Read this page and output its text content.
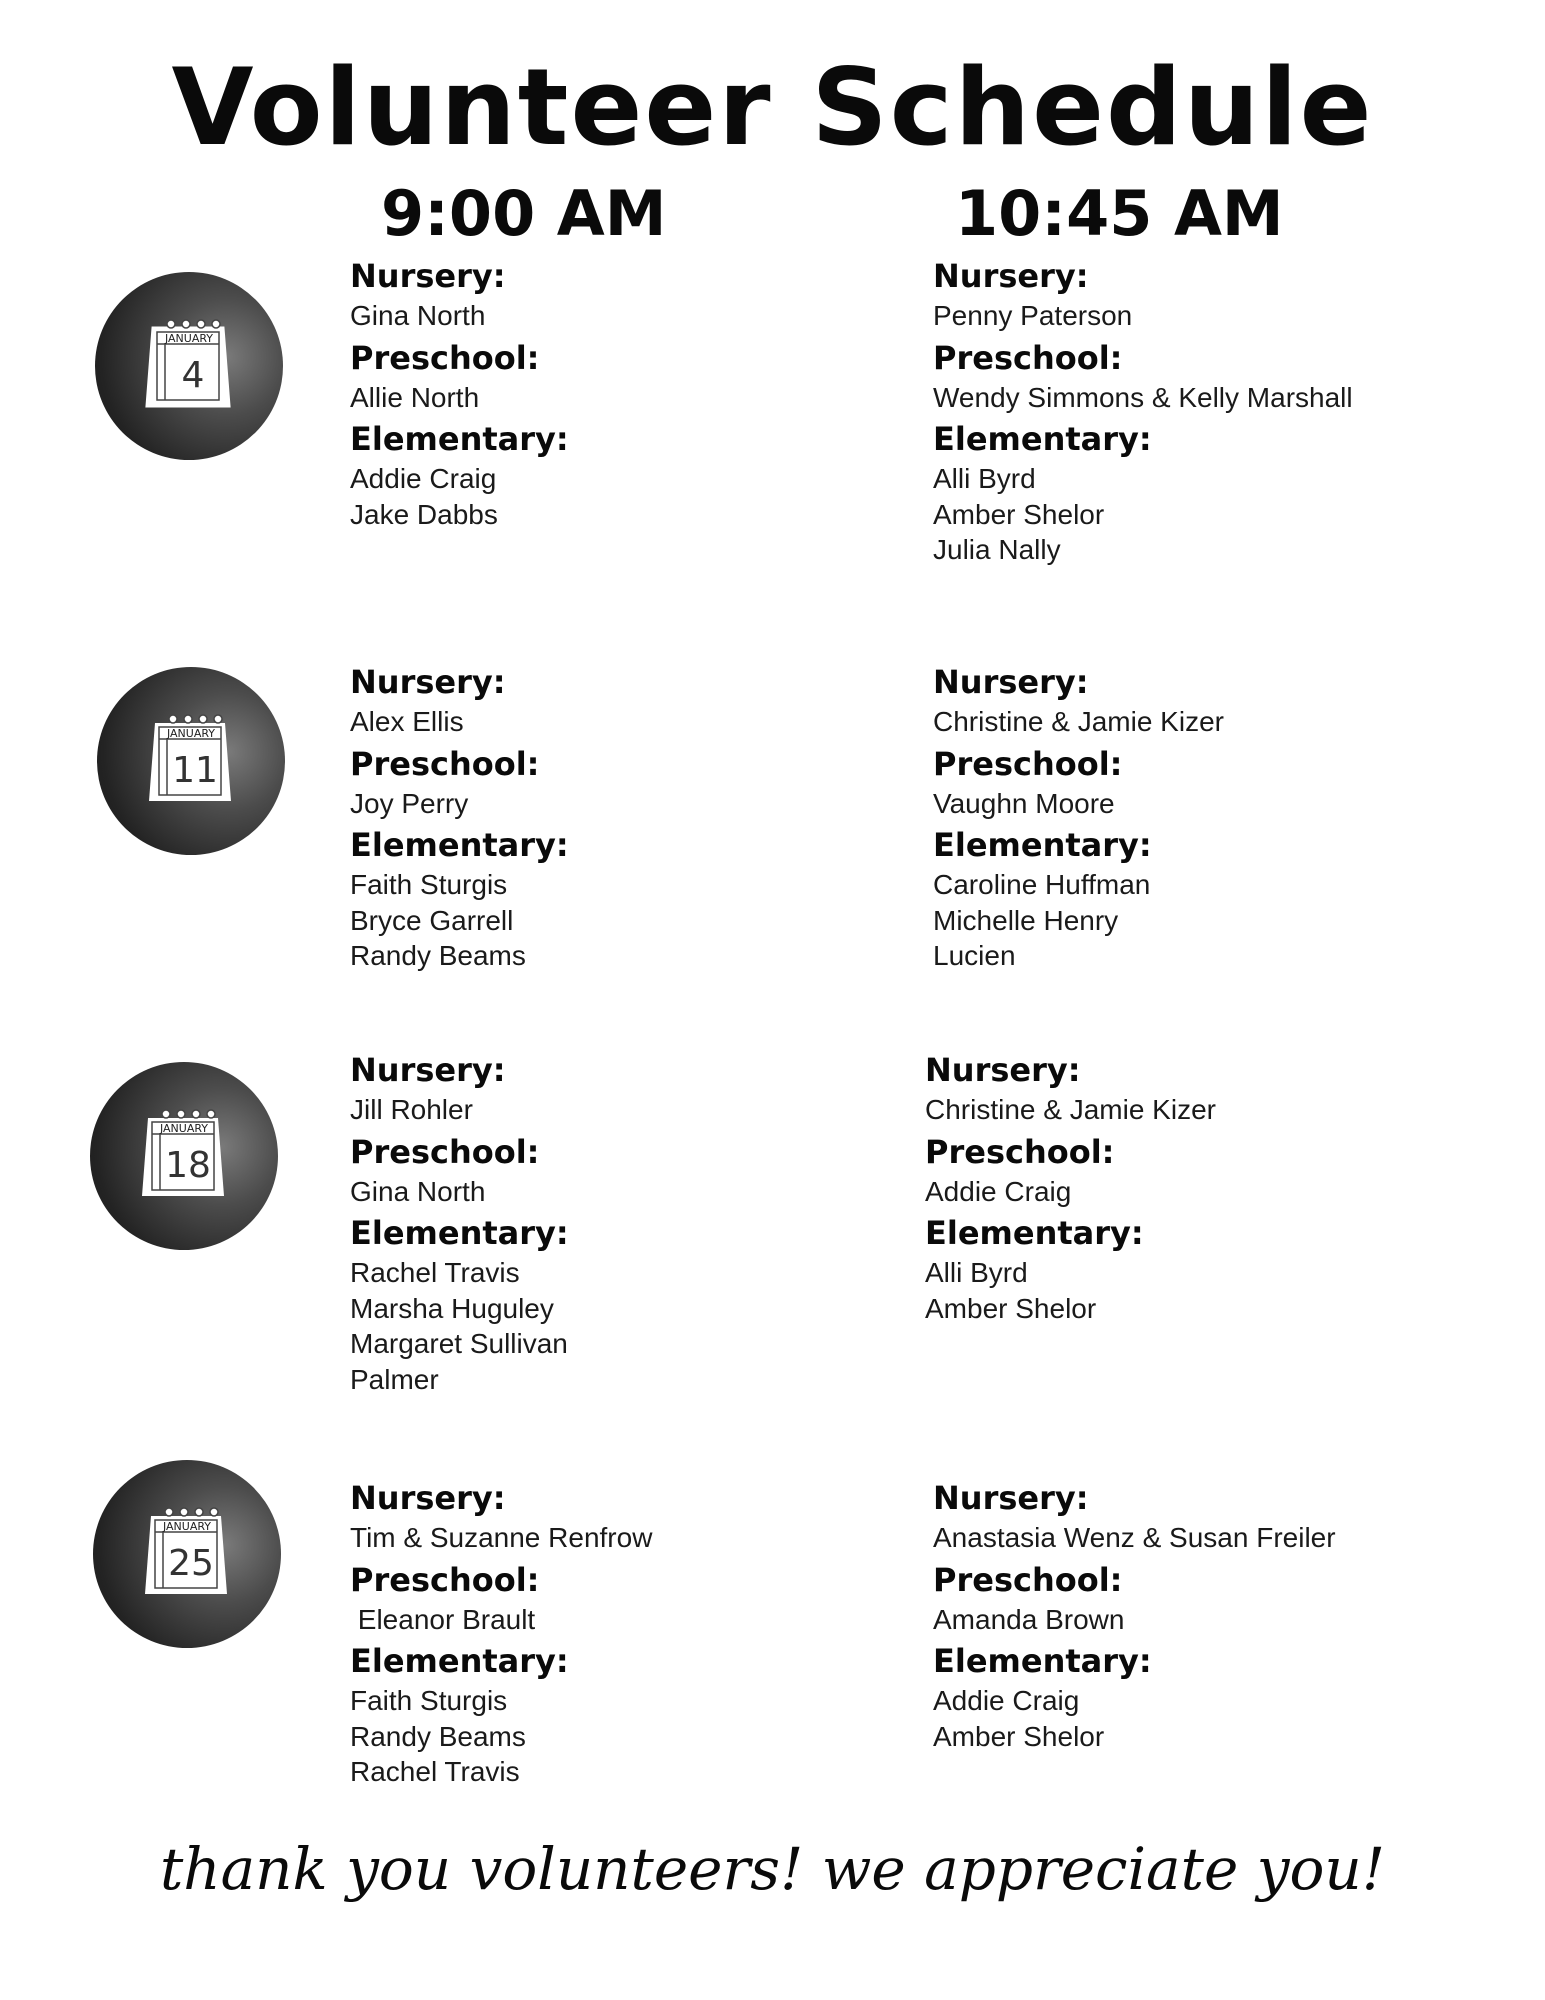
Volunteer Schedule
9:00 AM	10:45 AM
JANUARY
4
Nursery:
Gina North
Preschool:
Allie North
Elementary:
Addie Craig
Jake Dabbs
Nursery:
Penny Paterson
Preschool:
Wendy Simmons & Kelly Marshall
Elementary:
Alli Byrd
Amber Shelor
Julia Nally
JANUARY
11
Nursery:
Alex Ellis
Preschool:
Joy Perry
Elementary:
Faith Sturgis
Bryce Garrell
Randy Beams
Nursery:
Christine & Jamie Kizer
Preschool:
Vaughn Moore
Elementary:
Caroline Huffman
Michelle Henry
Lucien
JANUARY
18
Nursery:
Jill Rohler
Preschool:
Gina North
Elementary:
Rachel Travis
Marsha Huguley
Margaret Sullivan
Palmer
Nursery:
Christine & Jamie Kizer
Preschool:
Addie Craig
Elementary:
Alli Byrd
Amber Shelor
JANUARY
25
Nursery:
Tim & Suzanne Renfrow
Preschool:
Eleanor Brault
Elementary:
Faith Sturgis
Randy Beams
Rachel Travis
Nursery:
Anastasia Wenz & Susan Freiler
Preschool:
Amanda Brown
Elementary:
Addie Craig
Amber Shelor
thank you volunteers! we appreciate you!
